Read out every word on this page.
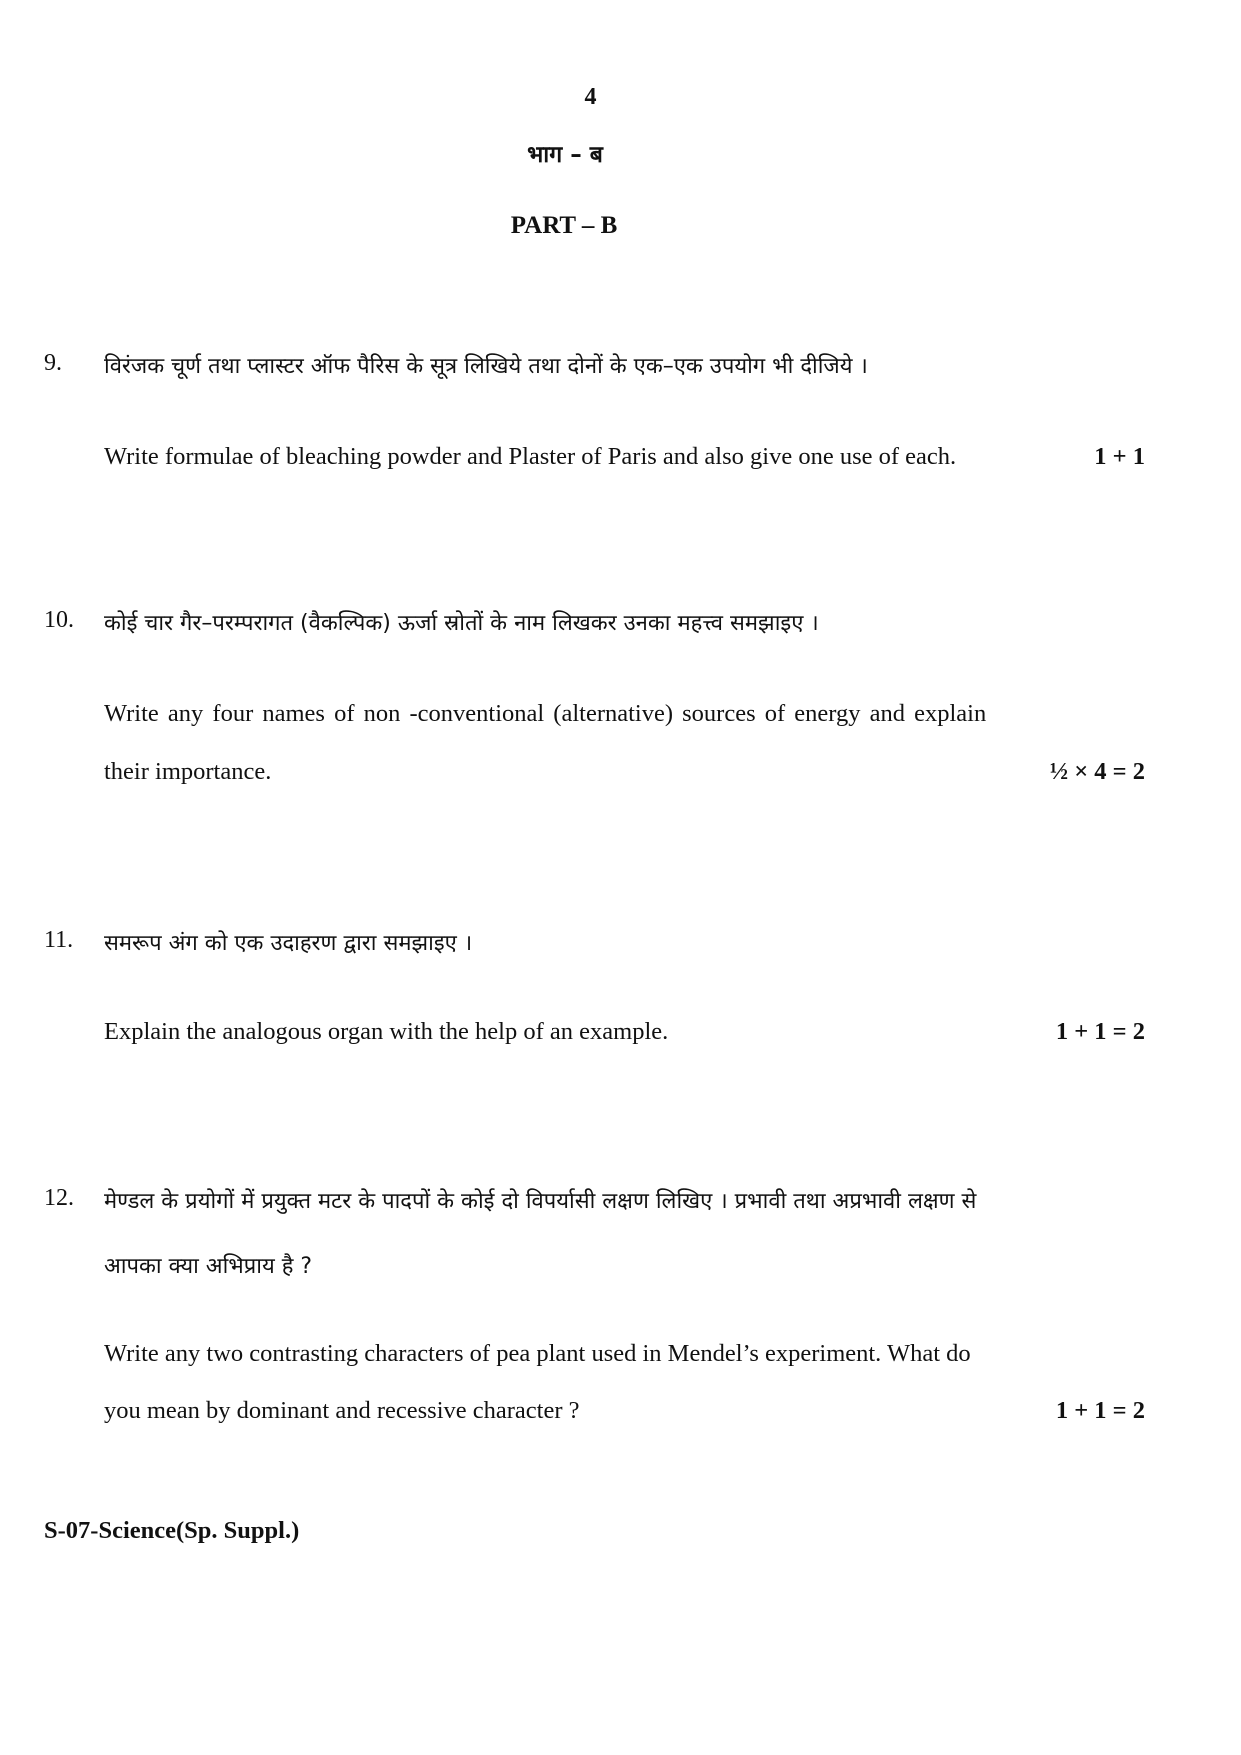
4
भाग – ब
PART – B
9. विरंजक चूर्ण तथा प्लास्टर ऑफ पैरिस के सूत्र लिखिये तथा दोनों के एक–एक उपयोग भी दीजिये ।
Write formulae of bleaching powder and Plaster of Paris and also give one use of each.	1 + 1
10. कोई चार गैर–परम्परागत (वैकल्पिक) ऊर्जा स्रोतों के नाम लिखकर उनका महत्त्व समझाइए ।
Write any four names of non -conventional (alternative) sources of energy and explain
their importance.	½ × 4 = 2
11. समरूप अंग को एक उदाहरण द्वारा समझाइए ।
Explain the analogous organ with the help of an example.	1 + 1 = 2
12. मेण्डल के प्रयोगों में प्रयुक्त मटर के पादपों के कोई दो विपर्यासी लक्षण लिखिए । प्रभावी तथा अप्रभावी लक्षण से
आपका क्या अभिप्राय है ?
Write any two contrasting characters of pea plant used in Mendel’s experiment. What do
you mean by dominant and recessive character ?	1 + 1 = 2
S-07-Science(Sp. Suppl.)
